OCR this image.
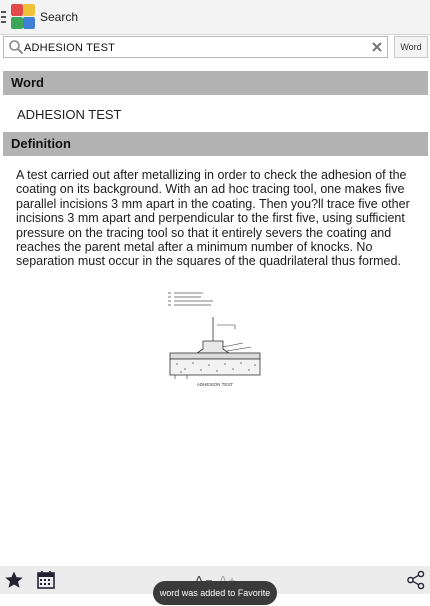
Search
ADHESION TEST	Word
Word
ADHESION TEST
Definition
A test carried out after metallizing in order to check the adhesion of the coating on its background. With an ad hoc tracing tool, one makes five parallel incisions 3 mm apart in the coating. Then you?ll trace five other incisions 3 mm apart and perpendicular to the first five, using sufficient pressure on the tracing tool so that it entirely severs the coating and reaches the parent metal after a minimum number of knocks. No separation must occur in the squares of the quadrilateral thus formed.
ADHESION TEST
word was added to Favorite
